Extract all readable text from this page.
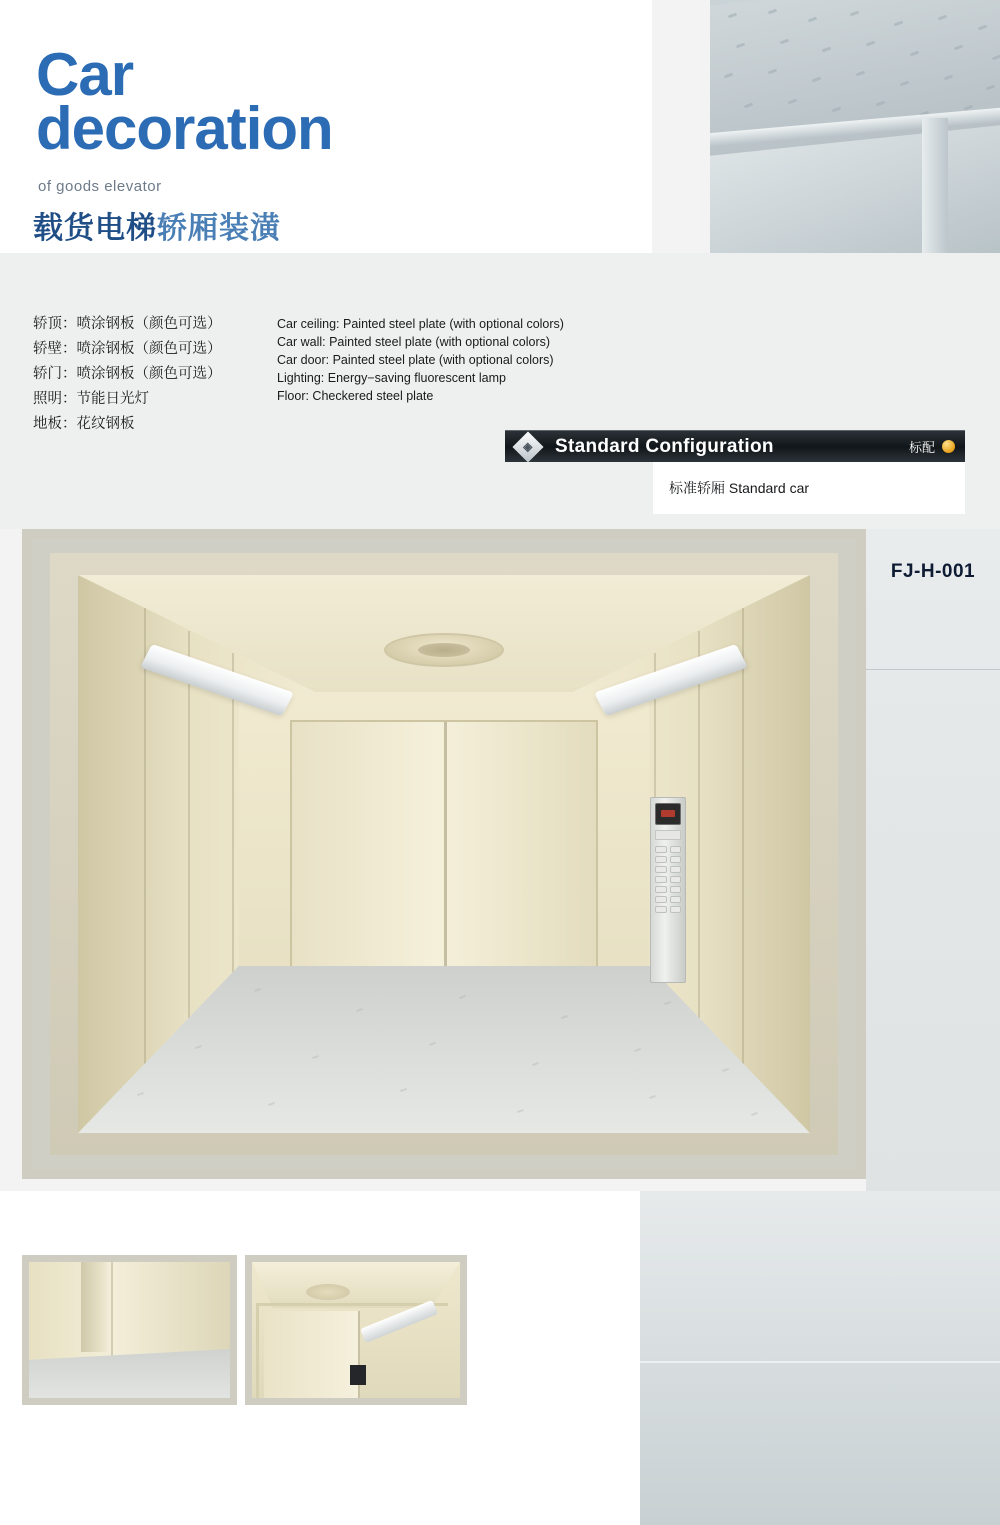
Car
decoration
of goods elevator
载货电梯轿厢装潢
轿顶：喷涂钢板（颜色可选）
轿壁：喷涂钢板（颜色可选）
轿门：喷涂钢板（颜色可选）
照明：节能日光灯
地板：花纹钢板
Car ceiling: Painted steel plate (with optional colors)
Car wall: Painted steel plate (with optional colors)
Car door: Painted steel plate (with optional colors)
Lighting: Energy−saving fluorescent lamp
Floor: Checkered steel plate
◈ Standard Configuration	标配
标准轿厢 Standard car
FJ-H-001
